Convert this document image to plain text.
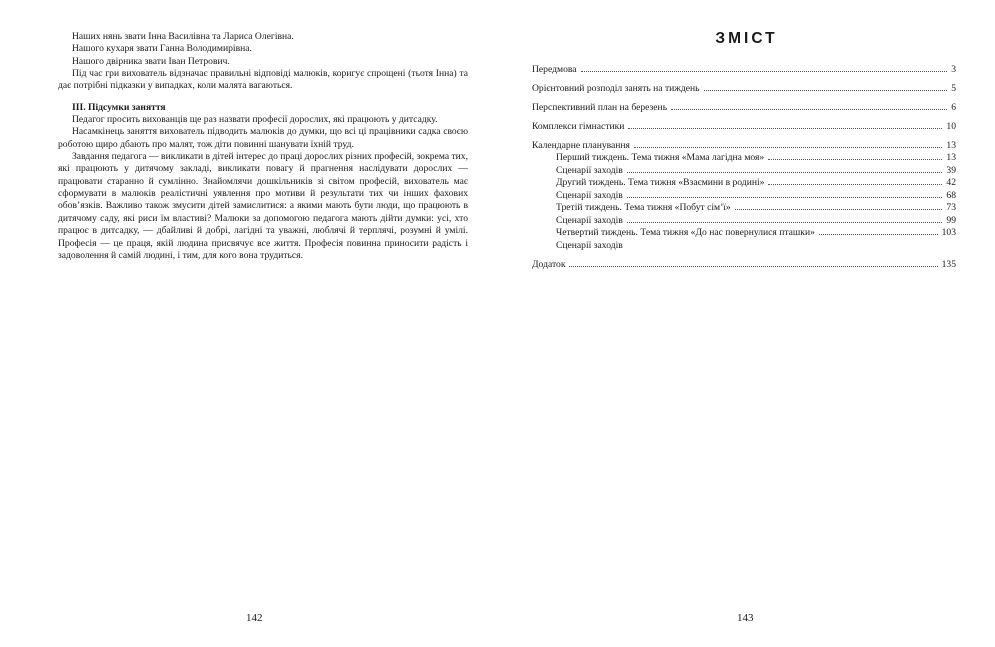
Наших нянь звати Інна Василівна та Лариса Олегівна.

Нашого кухаря звати Ганна Володимирівна.

Нашого двірника звати Іван Петрович.

Під час гри вихователь відзначає правильні відповіді малюків, коригує спрощені (тьотя Інна) та дає потрібні підказки у випадках, коли малята вагаються.

ІІІ. Підсумки заняття

Педагог просить вихованців ще раз назвати професії дорослих, які працюють у дитсадку.

Насамкінець заняття вихователь підводить малюків до думки, що всі ці працівники садка своєю роботою щиро дбають про малят, тож діти повинні шанувати їхній труд.

Завдання педагога — викликати в дітей інтерес до праці дорослих різних професій, зокрема тих, які працюють у дитячому закладі, викликати повагу й прагнення наслідувати дорослих — працювати старанно й сумлінно. Знайомлячи дошкільників зі світом професій, вихователь має сформувати в малюків реалістичні уявлення про мотиви й результати тих чи інших фахових обов’язків. Важливо також змусити дітей замислитися: а якими мають бути люди, що працюють в дитячому саду, які риси їм властиві? Малюки за допомогою педагога мають дійти думки: усі, хто працює в дитсадку, — дбайливі й добрі, лагідні та уважні, люблячі й терплячі, розумні й умілі. Професія — це праця, якій людина присвячує все життя. Професія повинна приносити радість і задоволення й самій людині, і тим, для кого вона трудиться.

142
ЗМІСТ
Передмова	3
Орієнтовний розподіл занять на тиждень	5
Перспективний план на березень	6
Комплекси гімнастики	10
Календарне планування	13
Перший тиждень. Тема тижня «Мама лагідна моя»	13
Сценарії заходів	39
Другий тиждень. Тема тижня «Взаємини в родині»	42
Сценарії заходів	68
Третій тиждень. Тема тижня «Побут сім’ї»	73
Сценарії заходів	99
Четвертий тиждень. Тема тижня «До нас повернулися пташки»	103
Сценарії заходів
Додаток	135
143
